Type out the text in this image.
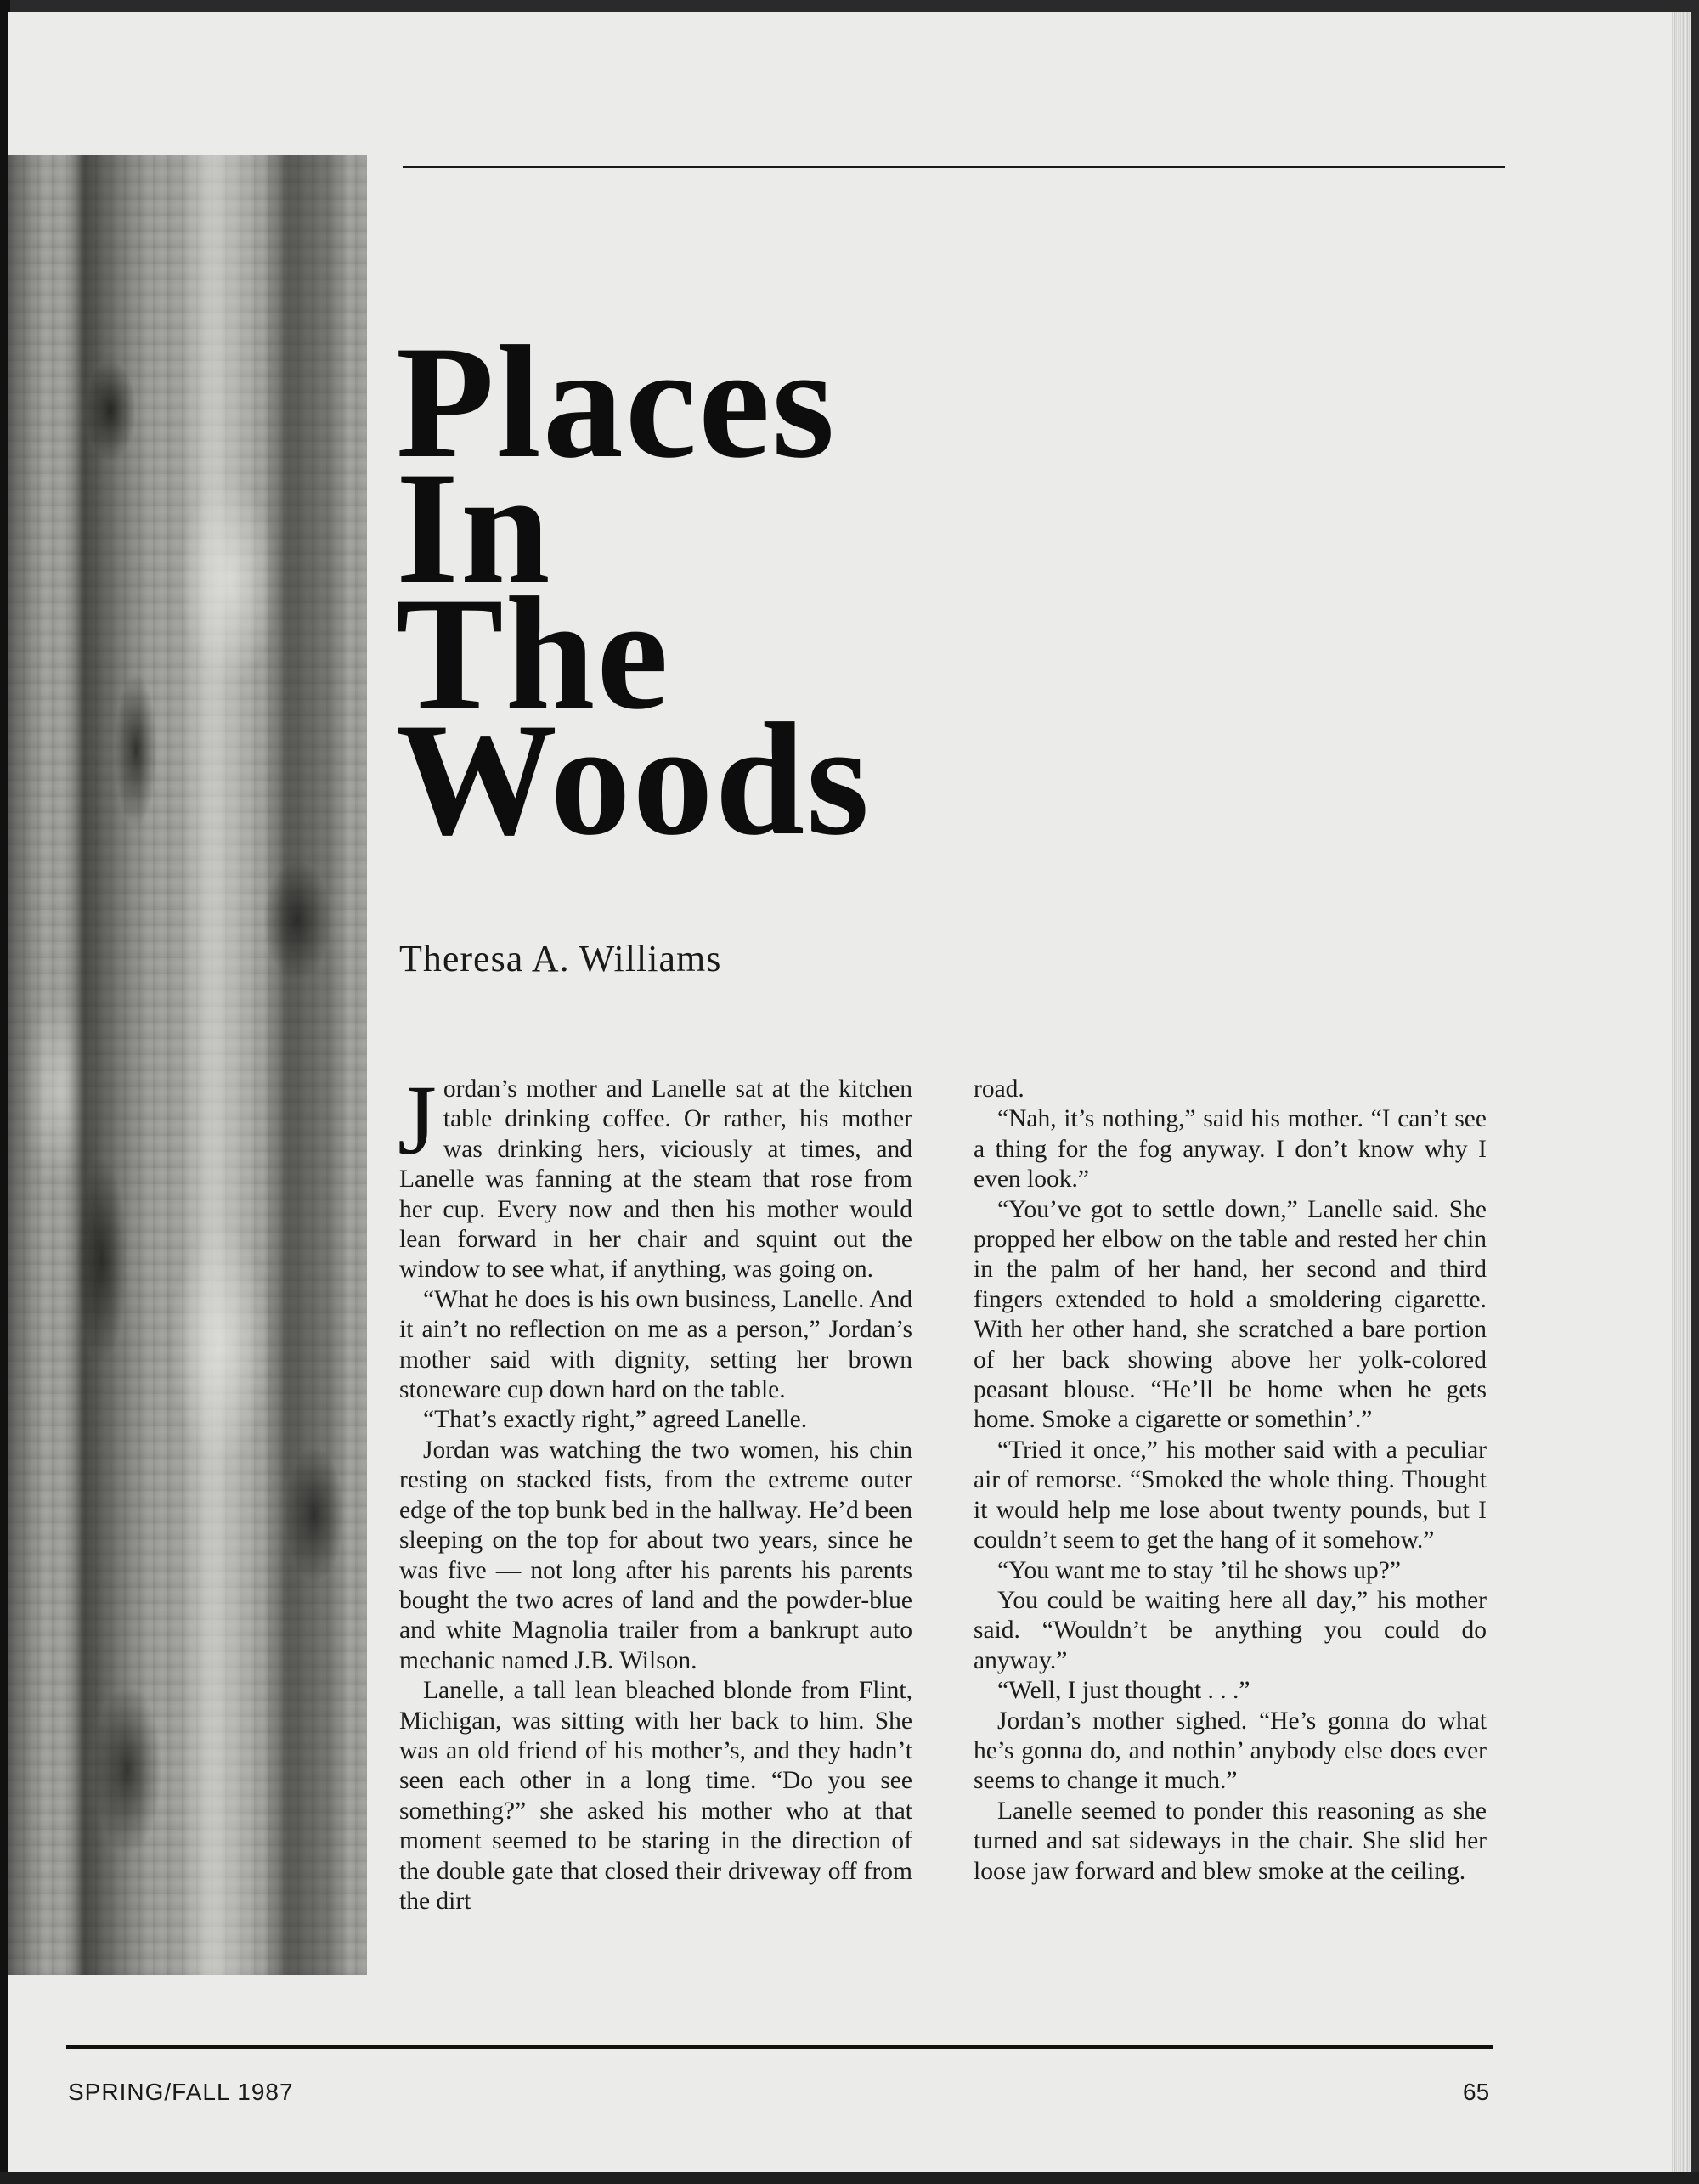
Places
In
The
Woods
Theresa A. Williams

Jordan’s mother and Lanelle sat at the kitchen table drinking coffee. Or rather, his mother was drinking hers, viciously at times, and Lanelle was fanning at the steam that rose from her cup. Every now and then his mother would lean forward in her chair and squint out the window to see what, if anything, was going on.

“What he does is his own business, Lanelle. And it ain’t no reflection on me as a person,” Jordan’s mother said with dignity, setting her brown stoneware cup down hard on the table.

“That’s exactly right,” agreed Lanelle.

Jordan was watching the two women, his chin resting on stacked fists, from the extreme outer edge of the top bunk bed in the hallway. He’d been sleeping on the top for about two years, since he was five — not long after his parents his parents bought the two acres of land and the powder-blue and white Magnolia trailer from a bankrupt auto mechanic named J.B. Wilson.

Lanelle, a tall lean bleached blonde from Flint, Michigan, was sitting with her back to him. She was an old friend of his mother’s, and they hadn’t seen each other in a long time. “Do you see something?” she asked his mother who at that moment seemed to be staring in the direction of the double gate that closed their driveway off from the dirt

road.

“Nah, it’s nothing,” said his mother. “I can’t see a thing for the fog anyway. I don’t know why I even look.”

“You’ve got to settle down,” Lanelle said. She propped her elbow on the table and rested her chin in the palm of her hand, her second and third fingers extended to hold a smoldering cigarette. With her other hand, she scratched a bare portion of her back showing above her yolk-colored peasant blouse. “He’ll be home when he gets home. Smoke a cigarette or somethin’.”

“Tried it once,” his mother said with a peculiar air of remorse. “Smoked the whole thing. Thought it would help me lose about twenty pounds, but I couldn’t seem to get the hang of it somehow.”

“You want me to stay ’til he shows up?”

You could be waiting here all day,” his mother said. “Wouldn’t be anything you could do anyway.”

“Well, I just thought . . .”

Jordan’s mother sighed. “He’s gonna do what he’s gonna do, and nothin’ anybody else does ever seems to change it much.”

Lanelle seemed to ponder this reasoning as she turned and sat sideways in the chair. She slid her loose jaw forward and blew smoke at the ceiling.

SPRING/FALL 1987	65
